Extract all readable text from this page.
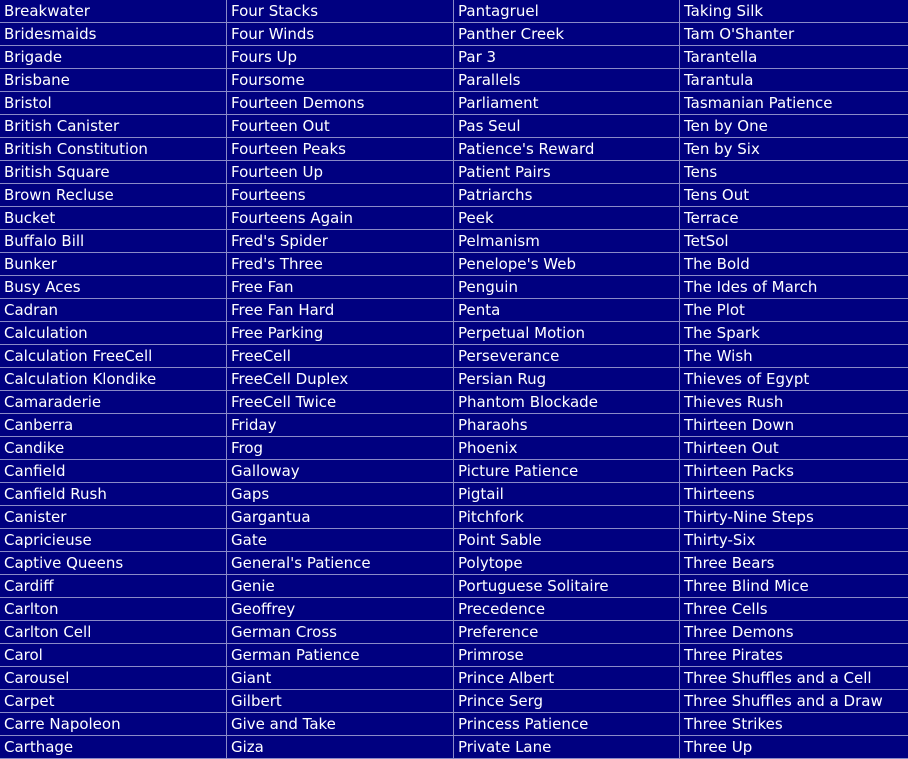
Breakwater	Four Stacks	Pantagruel	Taking Silk
Bridesmaids	Four Winds	Panther Creek	Tam O'Shanter
Brigade	Fours Up	Par 3	Tarantella
Brisbane	Foursome	Parallels	Tarantula
Bristol	Fourteen Demons	Parliament	Tasmanian Patience
British Canister	Fourteen Out	Pas Seul	Ten by One
British Constitution	Fourteen Peaks	Patience's Reward	Ten by Six
British Square	Fourteen Up	Patient Pairs	Tens
Brown Recluse	Fourteens	Patriarchs	Tens Out
Bucket	Fourteens Again	Peek	Terrace
Buffalo Bill	Fred's Spider	Pelmanism	TetSol
Bunker	Fred's Three	Penelope's Web	The Bold
Busy Aces	Free Fan	Penguin	The Ides of March
Cadran	Free Fan Hard	Penta	The Plot
Calculation	Free Parking	Perpetual Motion	The Spark
Calculation FreeCell	FreeCell	Perseverance	The Wish
Calculation Klondike	FreeCell Duplex	Persian Rug	Thieves of Egypt
Camaraderie	FreeCell Twice	Phantom Blockade	Thieves Rush
Canberra	Friday	Pharaohs	Thirteen Down
Candike	Frog	Phoenix	Thirteen Out
Canfield	Galloway	Picture Patience	Thirteen Packs
Canfield Rush	Gaps	Pigtail	Thirteens
Canister	Gargantua	Pitchfork	Thirty-Nine Steps
Capricieuse	Gate	Point Sable	Thirty-Six
Captive Queens	General's Patience	Polytope	Three Bears
Cardiff	Genie	Portuguese Solitaire	Three Blind Mice
Carlton	Geoffrey	Precedence	Three Cells
Carlton Cell	German Cross	Preference	Three Demons
Carol	German Patience	Primrose	Three Pirates
Carousel	Giant	Prince Albert	Three Shuffles and a Cell
Carpet	Gilbert	Prince Serg	Three Shuffles and a Draw
Carre Napoleon	Give and Take	Princess Patience	Three Strikes
Carthage	Giza	Private Lane	Three Up
